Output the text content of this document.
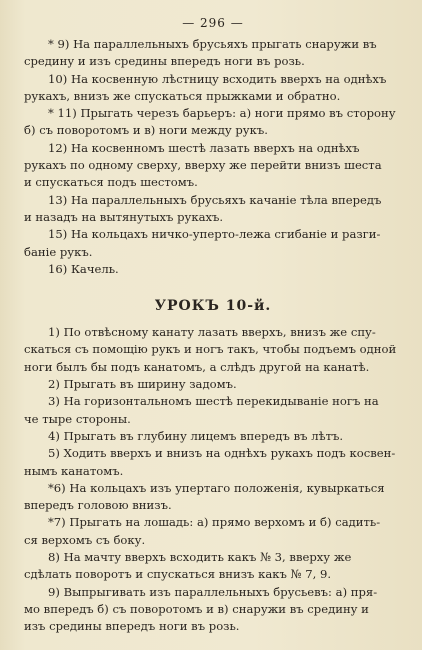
— 296 —
* 9) На параллельныхъ брусьяхъ прыгать снаружи въ
средину и изъ средины впередъ ноги въ розь.
10) На косвенную лѣстницу всходить вверхъ на однѣхъ
рукахъ, внизъ же спускаться прыжками и обратно.
* 11) Прыгать черезъ барьеръ: а) ноги прямо въ сторону
б) съ поворотомъ и в) ноги между рукъ.
12) На косвенномъ шестѣ лазать вверхъ на однѣхъ
рукахъ по одному сверху, вверху же перейти внизъ шеста
и спускаться подъ шестомъ.
13) На параллельныхъ брусьяхъ качаніе тѣла впередъ
и назадъ на вытянутыхъ рукахъ.
15) На кольцахъ ничко-уперто-лежа сгибаніе и разги-
баніе рукъ.
16) Качель.
УРОКЪ 10-й.
1) По отвѣсному канату лазать вверхъ, внизъ же спу-
скаться съ помощію рукъ и ногъ такъ, чтобы подъемъ одной
ноги былъ бы подъ канатомъ, а слѣдъ другой на канатѣ.
2) Прыгать въ ширину задомъ.
3) На горизонтальномъ шестѣ перекидываніе ногъ на
че тыре стороны.
4) Прыгать въ глубину лицемъ впередъ въ лѣтъ.
5) Ходить вверхъ и внизъ на однѣхъ рукахъ подъ косвен-
нымъ канатомъ.
*6) На кольцахъ изъ упертаго положенія, кувыркаться
впередъ головою внизъ.
*7) Прыгать на лошадь: а) прямо верхомъ и б) садить-
ся верхомъ съ боку.
8) На мачту вверхъ всходить какъ № 3, вверху же
сдѣлать поворотъ и спускаться внизъ какъ № 7, 9.
9) Выпрыгивать изъ параллельныхъ брусьевъ: а) пря-
мо впередъ б) съ поворотомъ и в) снаружи въ средину и
изъ средины впередъ ноги въ розь.
